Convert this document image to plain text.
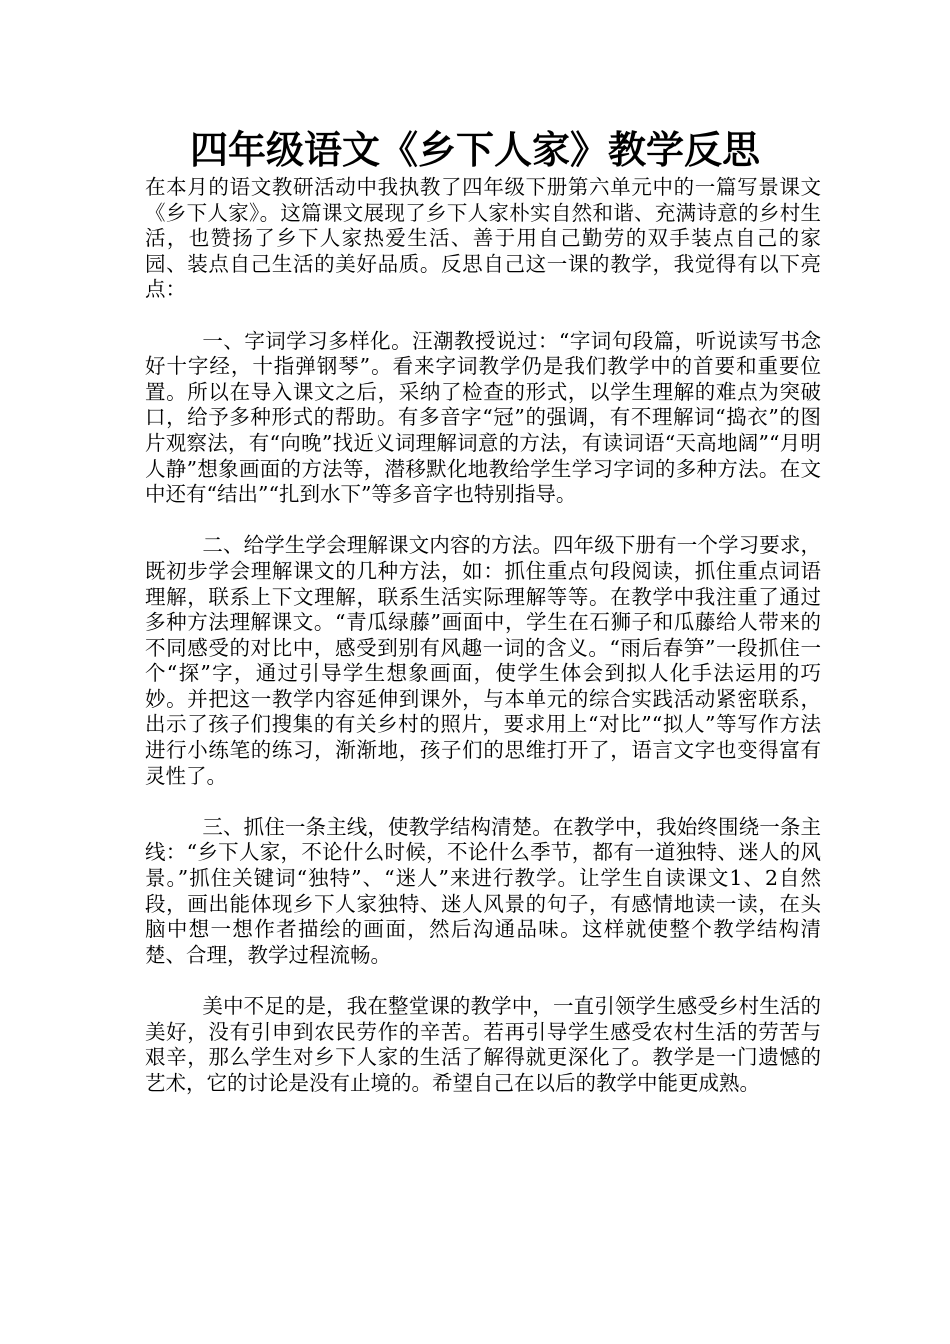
四年级语文《乡下人家》教学反思

在本月的语文教研活动中我执教了四年级下册第六单元中的一篇写景课文《乡下人家》。这篇课文展现了乡下人家朴实自然和谐、充满诗意的乡村生活，也赞扬了乡下人家热爱生活、善于用自己勤劳的双手装点自己的家园、装点自己生活的美好品质。反思自己这一课的教学，我觉得有以下亮点：

一、字词学习多样化。汪潮教授说过：“字词句段篇，听说读写书念好十字经，十指弹钢琴”。看来字词教学仍是我们教学中的首要和重要位置。所以在导入课文之后，采纳了检查的形式，以学生理解的难点为突破口，给予多种形式的帮助。有多音字“冠”的强调，有不理解词“捣衣”的图片观察法，有“向晚”找近义词理解词意的方法，有读词语“天高地阔”“月明人静”想象画面的方法等，潜移默化地教给学生学习字词的多种方法。在文中还有“结出”“扎到水下”等多音字也特别指导。

二、给学生学会理解课文内容的方法。四年级下册有一个学习要求，既初步学会理解课文的几种方法，如：抓住重点句段阅读，抓住重点词语理解，联系上下文理解，联系生活实际理解等等。在教学中我注重了通过多种方法理解课文。“青瓜绿藤”画面中，学生在石狮子和瓜藤给人带来的不同感受的对比中，感受到别有风趣一词的含义。“雨后春笋”一段抓住一个“探”字，通过引导学生想象画面，使学生体会到拟人化手法运用的巧妙。并把这一教学内容延伸到课外，与本单元的综合实践活动紧密联系，出示了孩子们搜集的有关乡村的照片，要求用上“对比”“拟人”等写作方法进行小练笔的练习，渐渐地，孩子们的思维打开了，语言文字也变得富有灵性了。

三、抓住一条主线，使教学结构清楚。在教学中，我始终围绕一条主线：“乡下人家，不论什么时候，不论什么季节，都有一道独特、迷人的风景。”抓住关键词“独特”、“迷人”来进行教学。让学生自读课文1、2自然段，画出能体现乡下人家独特、迷人风景的句子，有感情地读一读，在头脑中想一想作者描绘的画面，然后沟通品味。这样就使整个教学结构清楚、合理，教学过程流畅。

美中不足的是，我在整堂课的教学中，一直引领学生感受乡村生活的美好，没有引申到农民劳作的辛苦。若再引导学生感受农村生活的劳苦与艰辛，那么学生对乡下人家的生活了解得就更深化了。教学是一门遗憾的艺术，它的讨论是没有止境的。希望自己在以后的教学中能更成熟。
